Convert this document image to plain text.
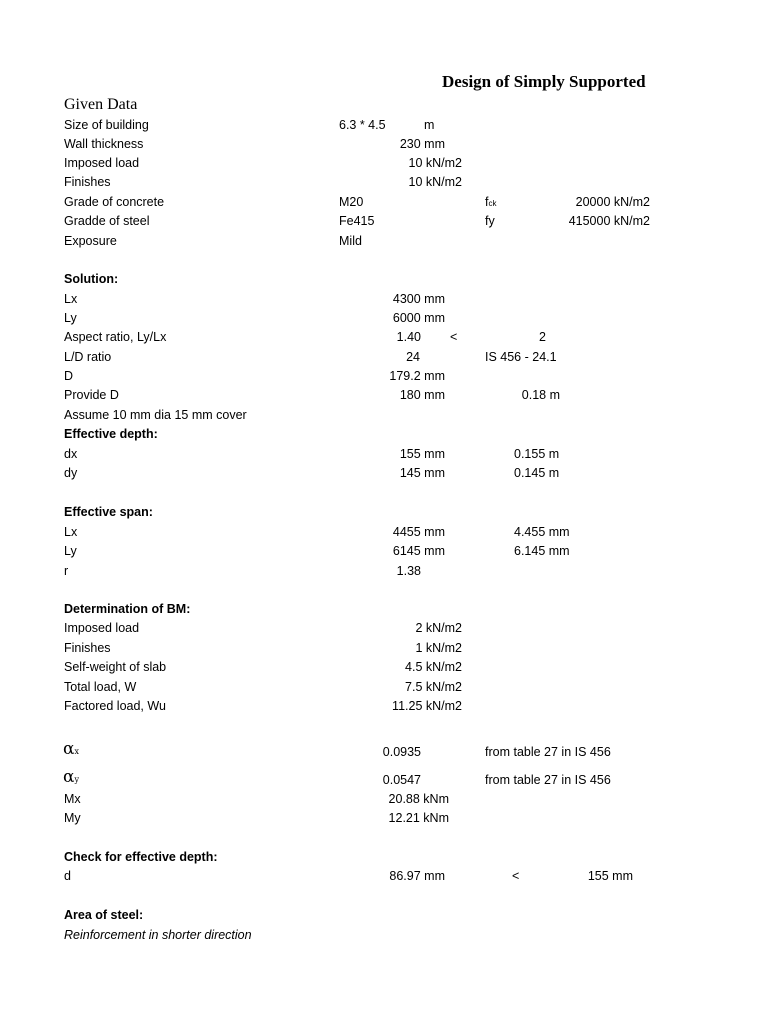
Design of Simply Supported
Given Data
Size of building	6.3 * 4.5	m
Wall thickness	230 mm
Imposed load	10 kN/m2
Finishes	10 kN/m2
Grade of concrete	M20	fck	20000 kN/m2
Gradde of steel	Fe415	fy	415000 kN/m2
Exposure	Mild
Solution:
Lx	4300 mm
Ly	6000 mm
Aspect ratio, Ly/Lx	1.40 <	2
L/D ratio	24	IS 456 - 24.1
D	179.2 mm
Provide D	180 mm	0.18 m
Assume 10 mm dia 15 mm cover
Effective depth:
dx	155 mm	0.155 m
dy	145 mm	0.145 m
Effective span:
Lx	4455 mm	4.455 mm
Ly	6145 mm	6.145 mm
r	1.38
Determination of BM:
Imposed load	2 kN/m2
Finishes	1 kN/m2
Self-weight of slab	4.5 kN/m2
Total load, W	7.5 kN/m2
Factored load, Wu	11.25 kN/m2
αx	0.0935	from table 27 in IS 456
αy	0.0547	from table 27 in IS 456
Mx	20.88 kNm
My	12.21 kNm
Check for effective depth:
d	86.97 mm	<	155 mm
Area of steel:
Reinforcement in shorter direction
